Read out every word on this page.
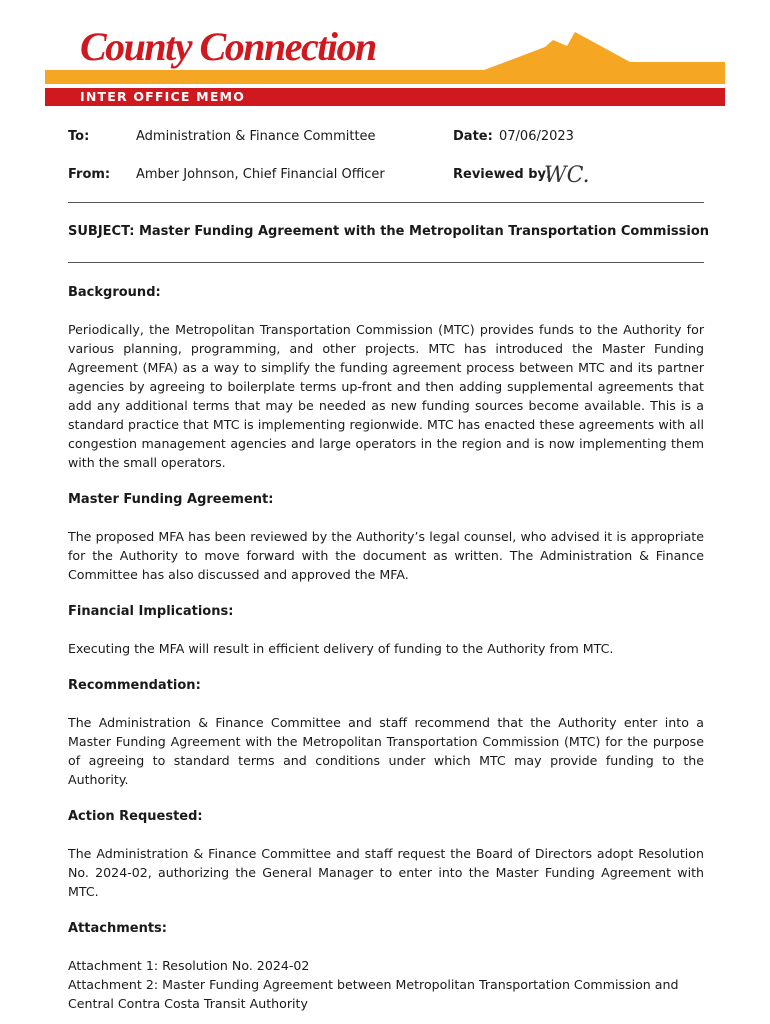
County Connection
INTER OFFICE MEMO
To:	Administration & Finance Committee	Date: 07/06/2023
From: Amber Johnson, Chief Financial Officer	Reviewed by:
WC.
SUBJECT: Master Funding Agreement with the Metropolitan Transportation Commission
Background:

Periodically, the Metropolitan Transportation Commission (MTC) provides funds to the Authority for various planning, programming, and other projects. MTC has introduced the Master Funding Agreement (MFA) as a way to simplify the funding agreement process between MTC and its partner agencies by agreeing to boilerplate terms up-front and then adding supplemental agreements that add any additional terms that may be needed as new funding sources become available. This is a standard practice that MTC is implementing regionwide. MTC has enacted these agreements with all congestion management agencies and large operators in the region and is now implementing them with the small operators.

Master Funding Agreement:

The proposed MFA has been reviewed by the Authority’s legal counsel, who advised it is appropriate for the Authority to move forward with the document as written. The Administration & Finance Committee has also discussed and approved the MFA.

Financial Implications:

Executing the MFA will result in efficient delivery of funding to the Authority from MTC.

Recommendation:

The Administration & Finance Committee and staff recommend that the Authority enter into a Master Funding Agreement with the Metropolitan Transportation Commission (MTC) for the purpose of agreeing to standard terms and conditions under which MTC may provide funding to the Authority.

Action Requested:

The Administration & Finance Committee and staff request the Board of Directors adopt Resolution No. 2024-02, authorizing the General Manager to enter into the Master Funding Agreement with MTC.

Attachments:

Attachment 1: Resolution No. 2024-02

Attachment 2: Master Funding Agreement between Metropolitan Transportation Commission and Central Contra Costa Transit Authority
